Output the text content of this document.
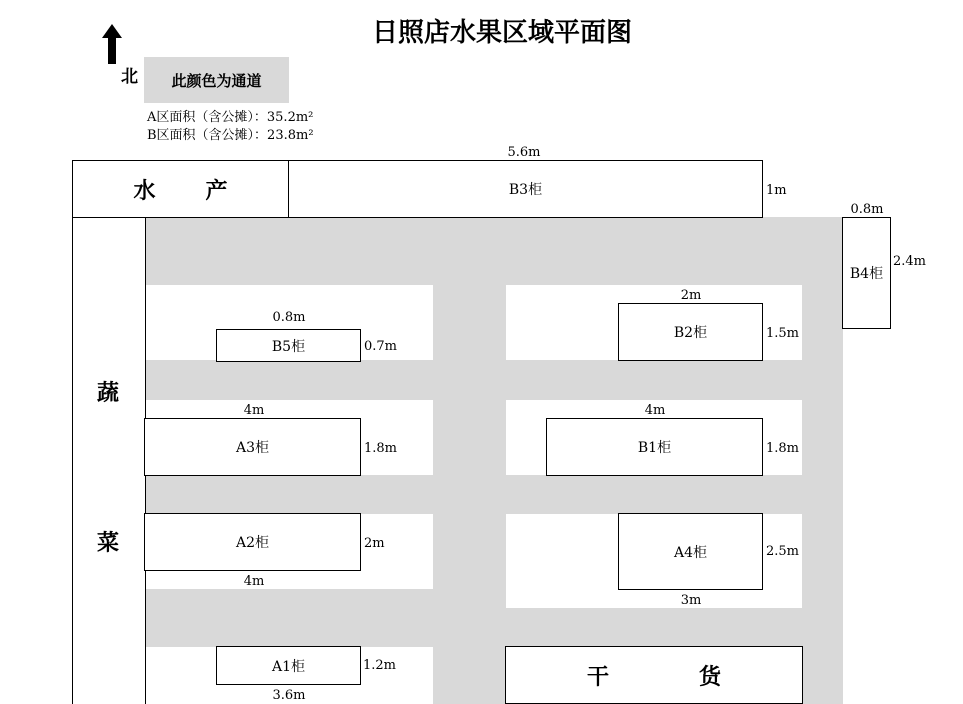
日照店水果区域平面图
北	此颜色为通道
A区面积（含公摊）：35.2m²
B区面积（含公摊）：23.8m²
5.6m
水 产	B3柜	1m
蔬
菜
0.8m
B4柜
2.4m
0.8m
B5柜	0.7m
2m
B2柜	1.5m
4m
A3柜	1.8m
4m
B1柜	1.8m
A2柜	2m
4m
A4柜	2.5m
3m
A1柜	1.2m
3.6m
干	货
